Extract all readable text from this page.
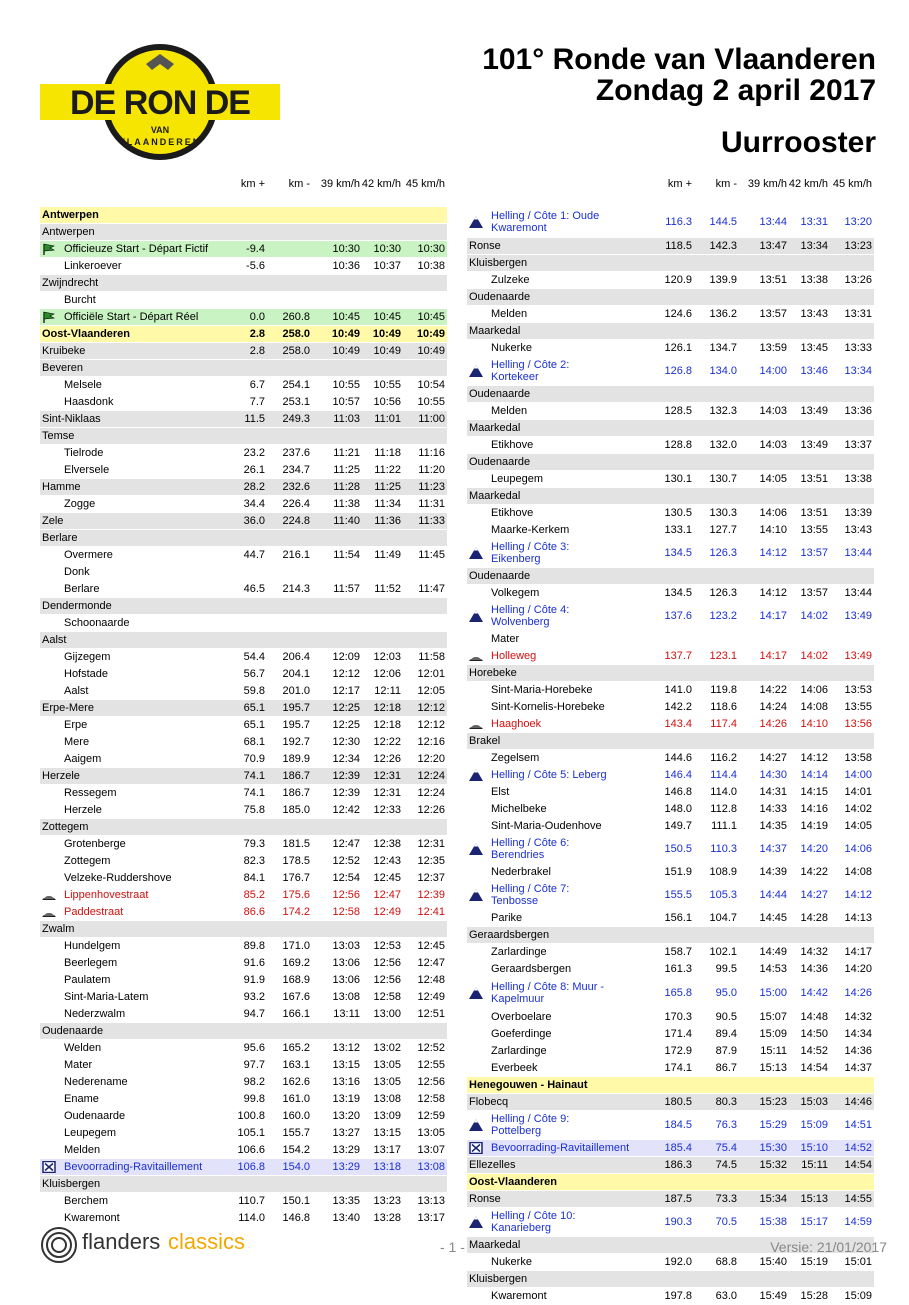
DE RON DE
VAN
VLAANDEREN
101° Ronde van Vlaanderen
Zondag 2 april 2017
Uurrooster
km + km - 39 km/h 42 km/h 45 km/h
Antwerpen
Antwerpen
Officieuze Start - Départ Fictif	-9.4	10:30 10:30 10:30
Linkeroever	-5.6	10:36 10:37 10:38
Zwijndrecht
Burcht
Officiële Start - Départ Réel	0.0 260.8 10:45 10:45 10:45
Oost-Vlaanderen	2.8 258.0 10:49 10:49 10:49
Kruibeke	2.8 258.0 10:49 10:49 10:49
Beveren
Melsele	6.7 254.1 10:55 10:55 10:54
Haasdonk	7.7 253.1 10:57 10:56 10:55
Sint-Niklaas	11.5 249.3 11:03 11:01 11:00
Temse
Tielrode	23.2 237.6 11:21 11:18 11:16
Elversele	26.1 234.7 11:25 11:22 11:20
Hamme	28.2 232.6 11:28 11:25 11:23
Zogge	34.4 226.4 11:38 11:34 11:31
Zele	36.0 224.8 11:40 11:36 11:33
Berlare
Overmere	44.7 216.1 11:54 11:49 11:45
Donk
Berlare	46.5 214.3 11:57 11:52 11:47
Dendermonde
Schoonaarde
Aalst
Gijzegem	54.4 206.4 12:09 12:03 11:58
Hofstade	56.7 204.1 12:12 12:06 12:01
Aalst	59.8 201.0 12:17 12:11 12:05
Erpe-Mere	65.1 195.7 12:25 12:18 12:12
Erpe	65.1 195.7 12:25 12:18 12:12
Mere	68.1 192.7 12:30 12:22 12:16
Aaigem	70.9 189.9 12:34 12:26 12:20
Herzele	74.1 186.7 12:39 12:31 12:24
Ressegem	74.1 186.7 12:39 12:31 12:24
Herzele	75.8 185.0 12:42 12:33 12:26
Zottegem
Grotenberge	79.3 181.5 12:47 12:38 12:31
Zottegem	82.3 178.5 12:52 12:43 12:35
Velzeke-Ruddershove	84.1 176.7 12:54 12:45 12:37
Lippenhovestraat	85.2 175.6 12:56 12:47 12:39
Paddestraat	86.6 174.2 12:58 12:49 12:41
Zwalm
Hundelgem	89.8 171.0 13:03 12:53 12:45
Beerlegem	91.6 169.2 13:06 12:56 12:47
Paulatem	91.9 168.9 13:06 12:56 12:48
Sint-Maria-Latem	93.2 167.6 13:08 12:58 12:49
Nederzwalm	94.7 166.1 13:11 13:00 12:51
Oudenaarde
Welden	95.6 165.2 13:12 13:02 12:52
Mater	97.7 163.1 13:15 13:05 12:55
Nederename	98.2 162.6 13:16 13:05 12:56
Ename	99.8 161.0 13:19 13:08 12:58
Oudenaarde	100.8 160.0 13:20 13:09 12:59
Leupegem	105.1 155.7 13:27 13:15 13:05
Melden	106.6 154.2 13:29 13:17 13:07
Bevoorrading-Ravitaillement	106.8 154.0 13:29 13:18 13:08
Kluisbergen
Berchem	110.7 150.1 13:35 13:23 13:13
Kwaremont	114.0 146.8 13:40 13:28 13:17
km + km - 39 km/h 42 km/h 45 km/h
Helling / Côte 1: Oude Kwaremont	116.3 144.5 13:44 13:31 13:20
Ronse	118.5 142.3 13:47 13:34 13:23
Kluisbergen
Zulzeke	120.9 139.9 13:51 13:38 13:26
Oudenaarde
Melden	124.6 136.2 13:57 13:43 13:31
Maarkedal
Nukerke	126.1 134.7 13:59 13:45 13:33
Helling / Côte 2: Kortekeer	126.8 134.0 14:00 13:46 13:34
Oudenaarde
Melden	128.5 132.3 14:03 13:49 13:36
Maarkedal
Etikhove	128.8 132.0 14:03 13:49 13:37
Oudenaarde
Leupegem	130.1 130.7 14:05 13:51 13:38
Maarkedal
Etikhove	130.5 130.3 14:06 13:51 13:39
Maarke-Kerkem	133.1 127.7 14:10 13:55 13:43
Helling / Côte 3: Eikenberg	134.5 126.3 14:12 13:57 13:44
Oudenaarde
Volkegem	134.5 126.3 14:12 13:57 13:44
Helling / Côte 4: Wolvenberg	137.6 123.2 14:17 14:02 13:49
Mater
Holleweg	137.7 123.1 14:17 14:02 13:49
Horebeke
Sint-Maria-Horebeke	141.0 119.8 14:22 14:06 13:53
Sint-Kornelis-Horebeke	142.2 118.6 14:24 14:08 13:55
Haaghoek	143.4 117.4 14:26 14:10 13:56
Brakel
Zegelsem	144.6 116.2 14:27 14:12 13:58
Helling / Côte 5: Leberg	146.4 114.4 14:30 14:14 14:00
Elst	146.8 114.0 14:31 14:15 14:01
Michelbeke	148.0 112.8 14:33 14:16 14:02
Sint-Maria-Oudenhove	149.7 111.1 14:35 14:19 14:05
Helling / Côte 6: Berendries	150.5 110.3 14:37 14:20 14:06
Nederbrakel	151.9 108.9 14:39 14:22 14:08
Helling / Côte 7: Tenbosse	155.5 105.3 14:44 14:27 14:12
Parike	156.1 104.7 14:45 14:28 14:13
Geraardsbergen
Zarlardinge	158.7 102.1 14:49 14:32 14:17
Geraardsbergen	161.3 99.5 14:53 14:36 14:20
Helling / Côte 8: Muur - Kapelmuur	165.8 95.0 15:00 14:42 14:26
Overboelare	170.3 90.5 15:07 14:48 14:32
Goeferdinge	171.4 89.4 15:09 14:50 14:34
Zarlardinge	172.9 87.9 15:11 14:52 14:36
Everbeek	174.1 86.7 15:13 14:54 14:37
Henegouwen - Hainaut
Flobecq	180.5 80.3 15:23 15:03 14:46
Helling / Côte 9: Pottelberg	184.5 76.3 15:29 15:09 14:51
Bevoorrading-Ravitaillement	185.4 75.4 15:30 15:10 14:52
Ellezelles	186.3 74.5 15:32 15:11 14:54
Oost-Vlaanderen
Ronse	187.5 73.3 15:34 15:13 14:55
Helling / Côte 10: Kanarieberg	190.3 70.5 15:38 15:17 14:59
Maarkedal
Nukerke	192.0 68.8 15:40 15:19 15:01
Kluisbergen
Kwaremont	197.8 63.0 15:49 15:28 15:09
flanders classics	- 1 -	Versie: 21/01/2017
